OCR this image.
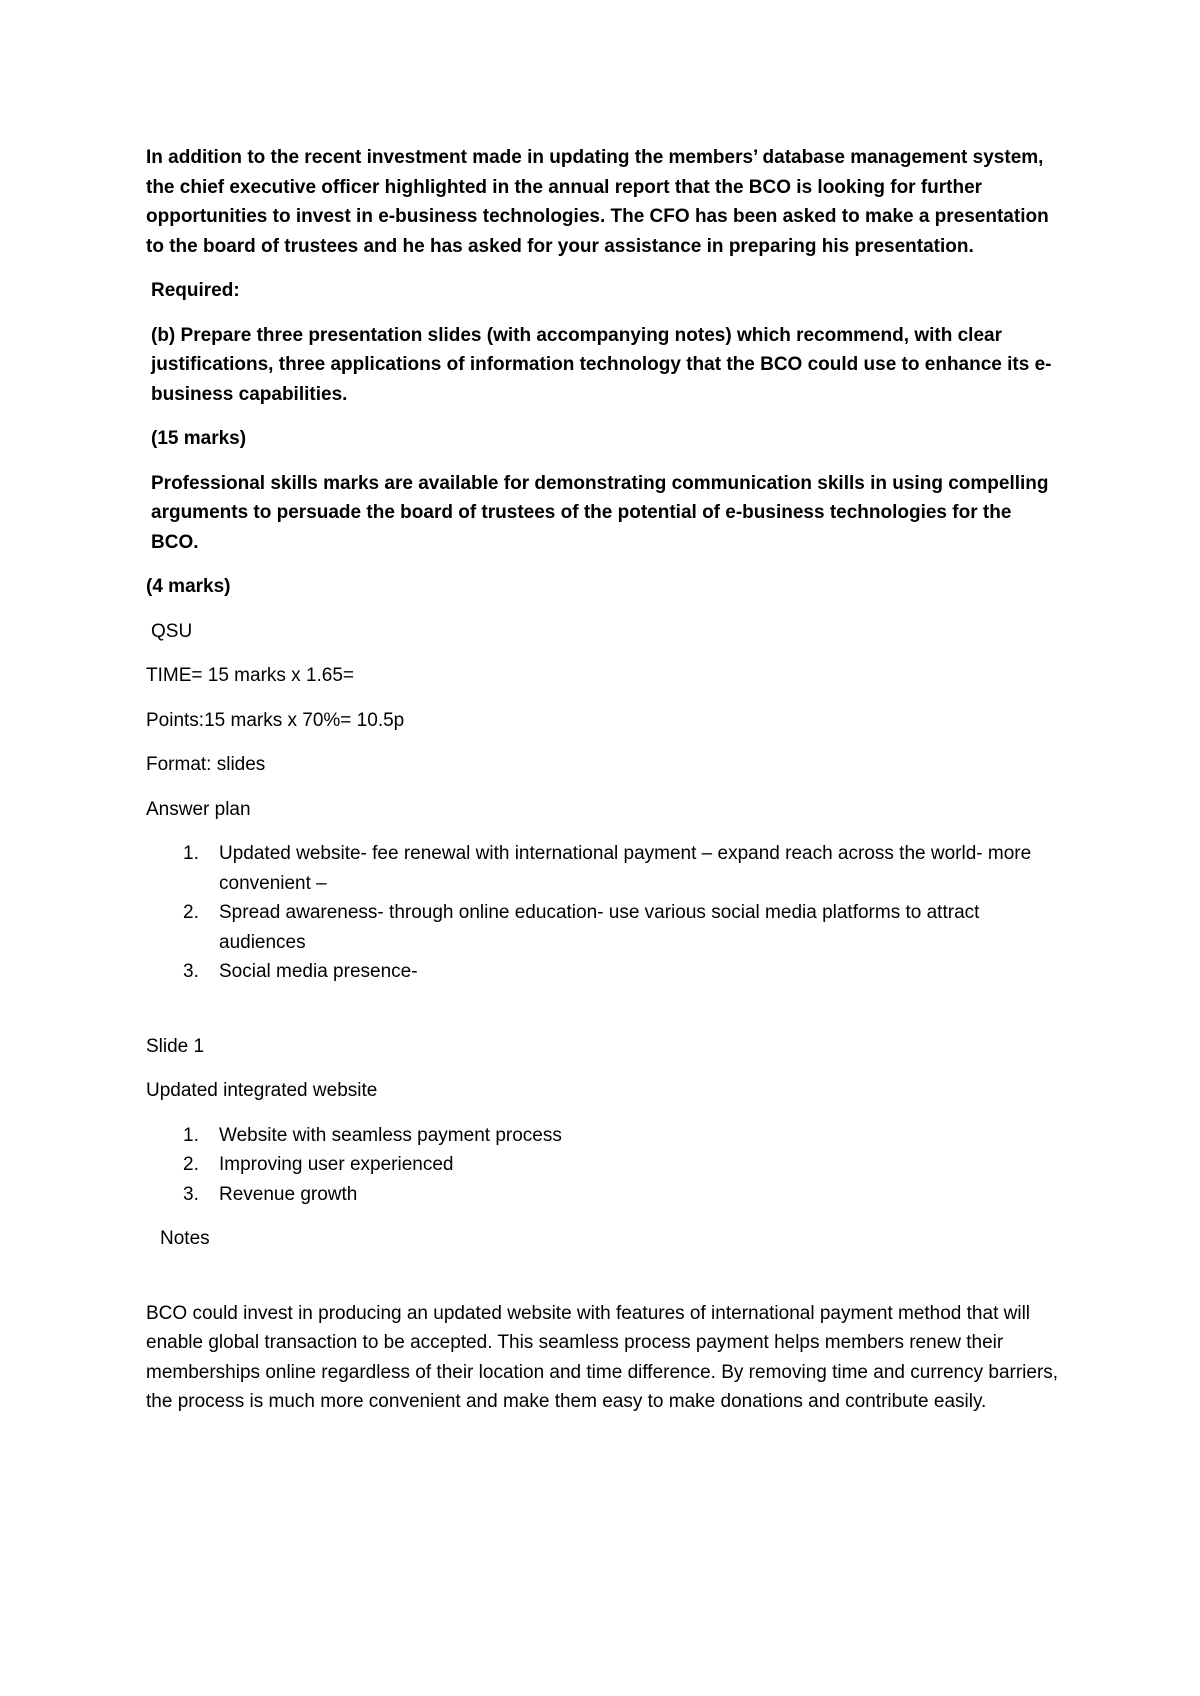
In addition to the recent investment made in updating the members’ database management system, the chief executive officer highlighted in the annual report that the BCO is looking for further opportunities to invest in e-business technologies. The CFO has been asked to make a presentation to the board of trustees and he has asked for your assistance in preparing his presentation.

Required:

(b) Prepare three presentation slides (with accompanying notes) which recommend, with clear justifications, three applications of information technology that the BCO could use to enhance its e-business capabilities.

(15 marks)

Professional skills marks are available for demonstrating communication skills in using compelling arguments to persuade the board of trustees of the potential of e-business technologies for the BCO.

(4 marks)

QSU

TIME= 15 marks x 1.65=

Points:15 marks x 70%= 10.5p

Format: slides

Answer plan

1. Updated website- fee renewal with international payment – expand reach across the world- more convenient –
2. Spread awareness- through online education- use various social media platforms to attract audiences
3. Social media presence-

Slide 1

Updated integrated website

1. Website with seamless payment process
2. Improving user experienced
3. Revenue growth

Notes

BCO could invest in producing an updated website with features of international payment method that will enable global transaction to be accepted. This seamless process payment helps members renew their memberships online regardless of their location and time difference. By removing time and currency barriers, the process is much more convenient and make them easy to make donations and contribute easily.
